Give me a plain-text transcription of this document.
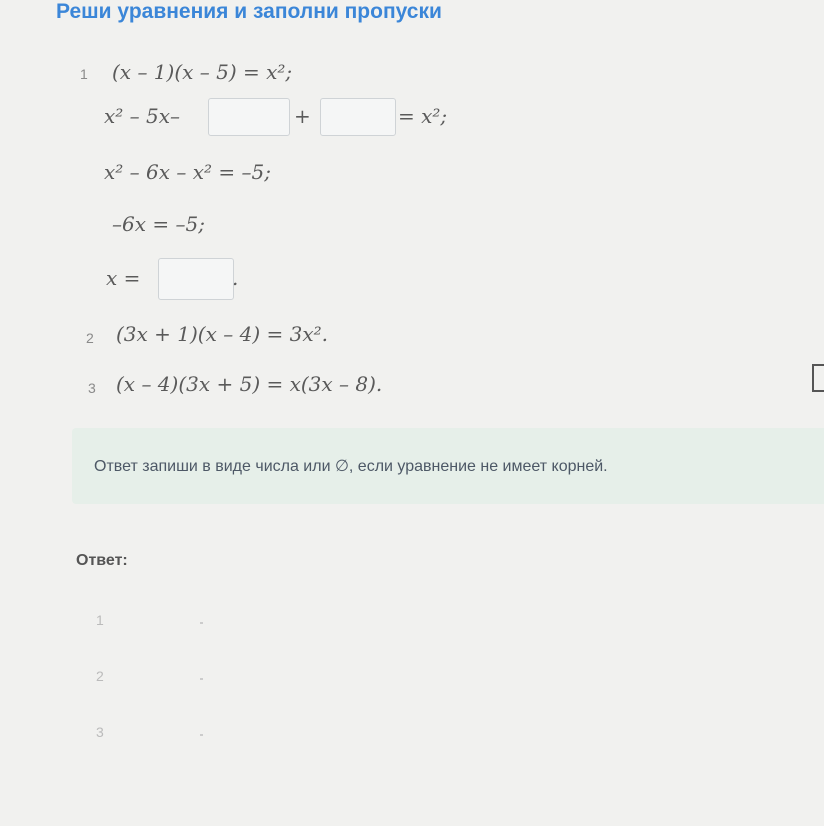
Реши уравнения и заполни пропуски
1 (x – 1)(x – 5) = x²;
x² – 5x–	+	= x²;
x² – 6x – x² = –5;
–6x = –5;
x =	.
2 (3x + 1)(x – 4) = 3x².
3 (x – 4)(3x + 5) = x(3x – 8).
Ответ запиши в виде числа или ∅, если уравнение не имеет корней.
Ответ:
1
2
3
